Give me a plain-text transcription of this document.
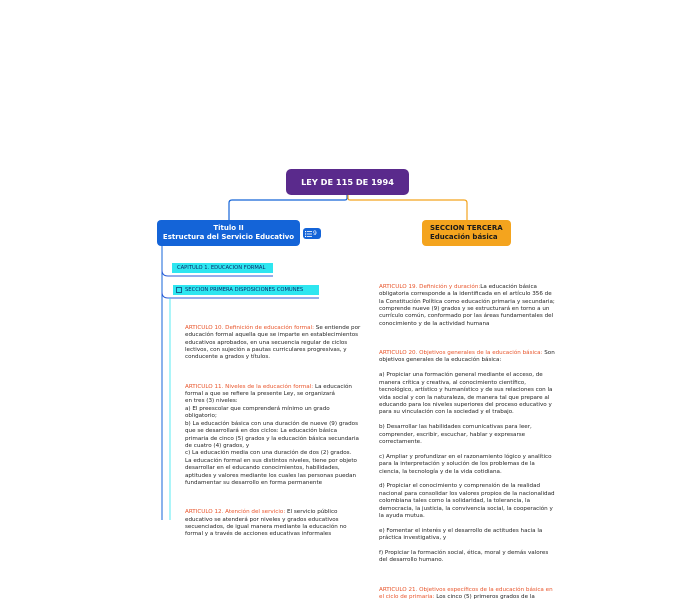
LEY DE 115 DE 1994
Titulo II
Estructura del Servicio Educativo	9
SECCION TERCERA
Educación básica
CAPITULO 1. EDUCACION FORMAL
SECCION PRIMERA DISPOSICIONES COMUNES

ARTICULO 10. Definición de educación formal: Se entiende por educación formal aquella que se imparte en establecimientos educativos aprobados, en una secuencia regular de ciclos lectivos, con sujeción a pautas curriculares progresivas, y conducente a grados y títulos.

ARTICULO 11. Niveles de la educación formal: La educación formal a que se refiere la presente Ley, se organizará
en tres (3) niveles:
a) El preescolar que comprenderá mínimo un grado obligatorio;
b) La educación básica con una duración de nueve (9) grados que se desarrollará en dos ciclos: La educación básica primaria de cinco (5) grados y la educación básica secundaria de cuatro (4) grados, y
c) La educación media con una duración de dos (2) grados.
La educación formal en sus distintos niveles, tiene por objeto desarrollar en el educando conocimientos, habilidades, aptitudes y valores mediante los cuales las personas puedan fundamentar su desarrollo en forma permanente

ARTICULO 12. Atención del servicio: El servicio público educativo se atenderá por niveles y grados educativos secuenciados, de igual manera mediante la educación no formal y a través de acciones educativas informales

ARTICULO 19. Definición y duración:La educación básica obligatoria corresponde a la identificada en el artículo 356 de la Constitución Política como educación primaria y secundaria; comprende nueve (9) grados y se estructurará en torno a un currículo común, conformado por las áreas fundamentales del conocimiento y de la actividad humana

ARTICULO 20. Objetivos generales de la educación básica: Son objetivos generales de la educación básica:

a) Propiciar una formación general mediante el acceso, de manera crítica y creativa, al conocimiento científico, tecnológico, artístico y humanístico y de sus relaciones con la vida social y con la naturaleza, de manera tal que prepare al educando para los niveles superiores del proceso educativo y para su vinculación con la sociedad y el trabajo.

b) Desarrollar las habilidades comunicativas para leer, comprender, escribir, escuchar, hablar y expresarse correctamente.

c) Ampliar y profundizar en el razonamiento lógico y analítico para la interpretación y solución de los problemas de la ciencia, la tecnología y de la vida cotidiana.

d) Propiciar el conocimiento y comprensión de la realidad nacional para consolidar los valores propios de la nacionalidad colombiana tales como la solidaridad, la tolerancia, la democracia, la justicia, la convivencia social, la cooperación y la ayuda mutua.

e) Fomentar el interés y el desarrollo de actitudes hacia la práctica investigativa, y

f) Propiciar la formación social, ética, moral y demás valores del desarrollo humano.

ARTICULO 21. Objetivos específicos de la educación básica en el ciclo de primaria: Los cinco (5) primeros grados de la
